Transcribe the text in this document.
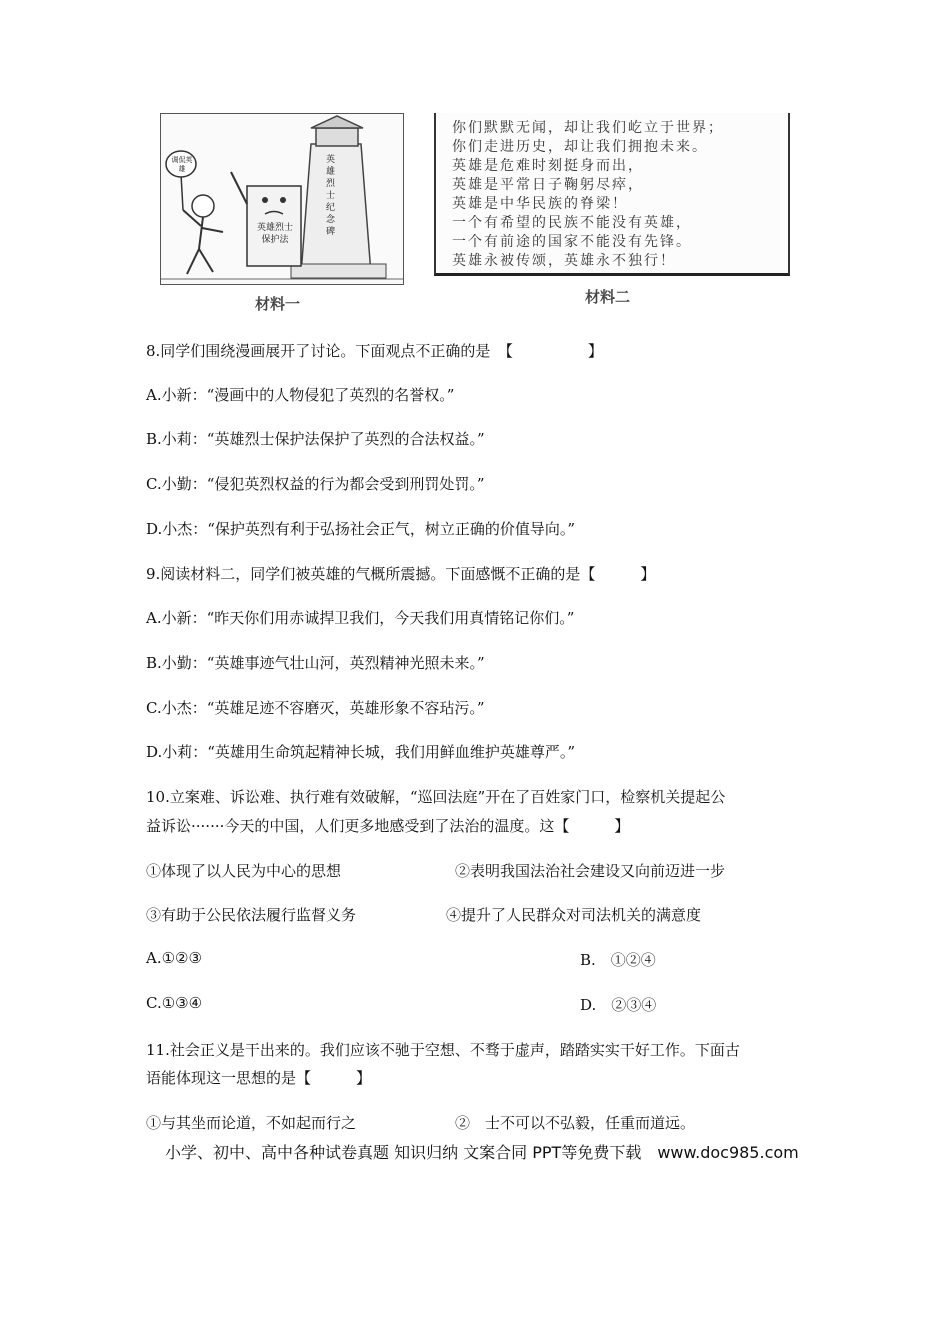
调侃英雄
英雄烈士纪念碑
英雄烈士保护法
材料一
你们默默无闻，却让我们屹立于世界；
你们走进历史，却让我们拥抱未来。
英雄是危难时刻挺身而出，
英雄是平常日子鞠躬尽瘁，
英雄是中华民族的脊梁！
一个有希望的民族不能没有英雄，
一个有前途的国家不能没有先锋。
英雄永被传颂，英雄永不独行！
材料二
8.同学们围绕漫画展开了讨论。下面观点不正确的是　【　　　　　】
A.小新：“漫画中的人物侵犯了英烈的名誉权。”
B.小莉：“英雄烈士保护法保护了英烈的合法权益。”
C.小勤：“侵犯英烈权益的行为都会受到刑罚处罚。”
D.小杰：“保护英烈有利于弘扬社会正气，树立正确的价值导向。”
9.阅读材料二，同学们被英雄的气概所震撼。下面感慨不正确的是【　　　】
A.小新：“昨天你们用赤诚捍卫我们，今天我们用真情铭记你们。”
B.小勤：“英雄事迹气壮山河，英烈精神光照未来。”
C.小杰：“英雄足迹不容磨灭，英雄形象不容玷污。”
D.小莉：“英雄用生命筑起精神长城，我们用鲜血维护英雄尊严。”
10.立案难、诉讼难、执行难有效破解，“巡回法庭”开在了百姓家门口，检察机关提起公
益诉讼·······今天的中国，人们更多地感受到了法治的温度。这【　　　】
①体现了以人民为中心的思想	②表明我国法治社会建设又向前迈进一步
③有助于公民依法履行监督义务	④提升了人民群众对司法机关的满意度
A.①②③	B.　①②④
C.①③④	D.　②③④
11.社会正义是干出来的。我们应该不驰于空想、不骛于虚声，踏踏实实干好工作。下面古
语能体现这一思想的是【　　　】
①与其坐而论道，不如起而行之	②　士不可以不弘毅，任重而道远。
小学、初中、高中各种试卷真题 知识归纳 文案合同 PPT等免费下载　www.doc985.com
